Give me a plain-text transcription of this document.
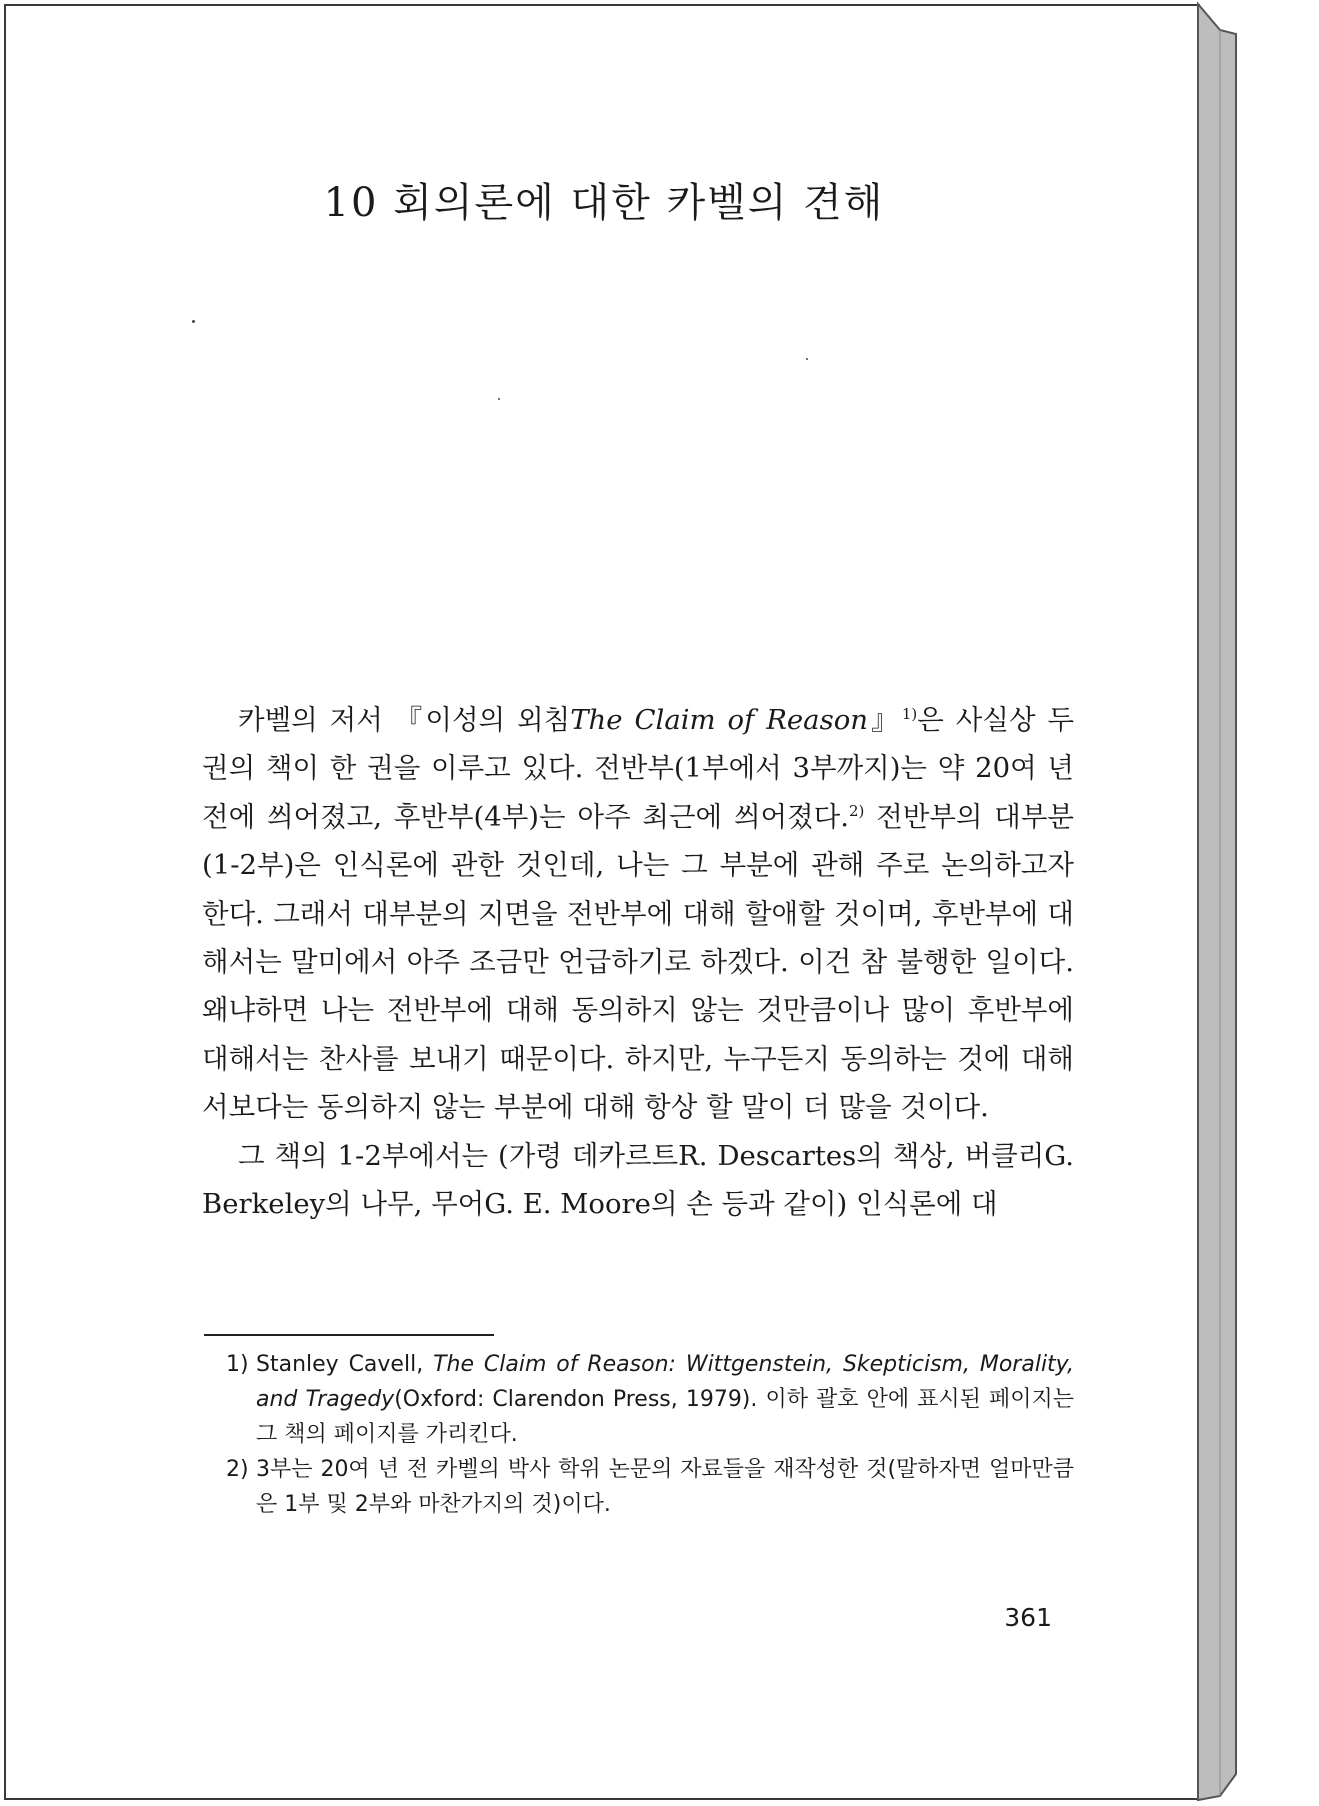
10 회의론에 대한 카벨의 견해

카벨의 저서 『이성의 외침The Claim of Reason』$^{1)}$은 사실상 두 권의 책이 한 권을 이루고 있다. 전반부(1부에서 3부까지)는 약 20여 년 전에 씌어졌고, 후반부(4부)는 아주 최근에 씌어졌다.$^{2)}$ 전반부의 대부분(1-2부)은 인식론에 관한 것인데, 나는 그 부분에 관해 주로 논의하고자 한다. 그래서 대부분의 지면을 전반부에 대해 할애할 것이며, 후반부에 대해서는 말미에서 아주 조금만 언급하기로 하겠다. 이건 참 불행한 일이다. 왜냐하면 나는 전반부에 대해 동의하지 않는 것만큼이나 많이 후반부에 대해서는 찬사를 보내기 때문이다. 하지만, 누구든지 동의하는 것에 대해서보다는 동의하지 않는 부분에 대해 항상 할 말이 더 많을 것이다.

그 책의 1-2부에서는 (가령 데카르트R. Descartes의 책상, 버클리G. Berkeley의 나무, 무어G. E. Moore의 손 등과 같이) 인식론에 대

1) Stanley Cavell, The Claim of Reason: Wittgenstein, Skepticism, Morality, and Tragedy(Oxford: Clarendon Press, 1979). 이하 괄호 안에 표시된 페이지는 그 책의 페이지를 가리킨다.
2) 3부는 20여 년 전 카벨의 박사 학위 논문의 자료들을 재작성한 것(말하자면 얼마만큼은 1부 및 2부와 마찬가지의 것)이다.
361
